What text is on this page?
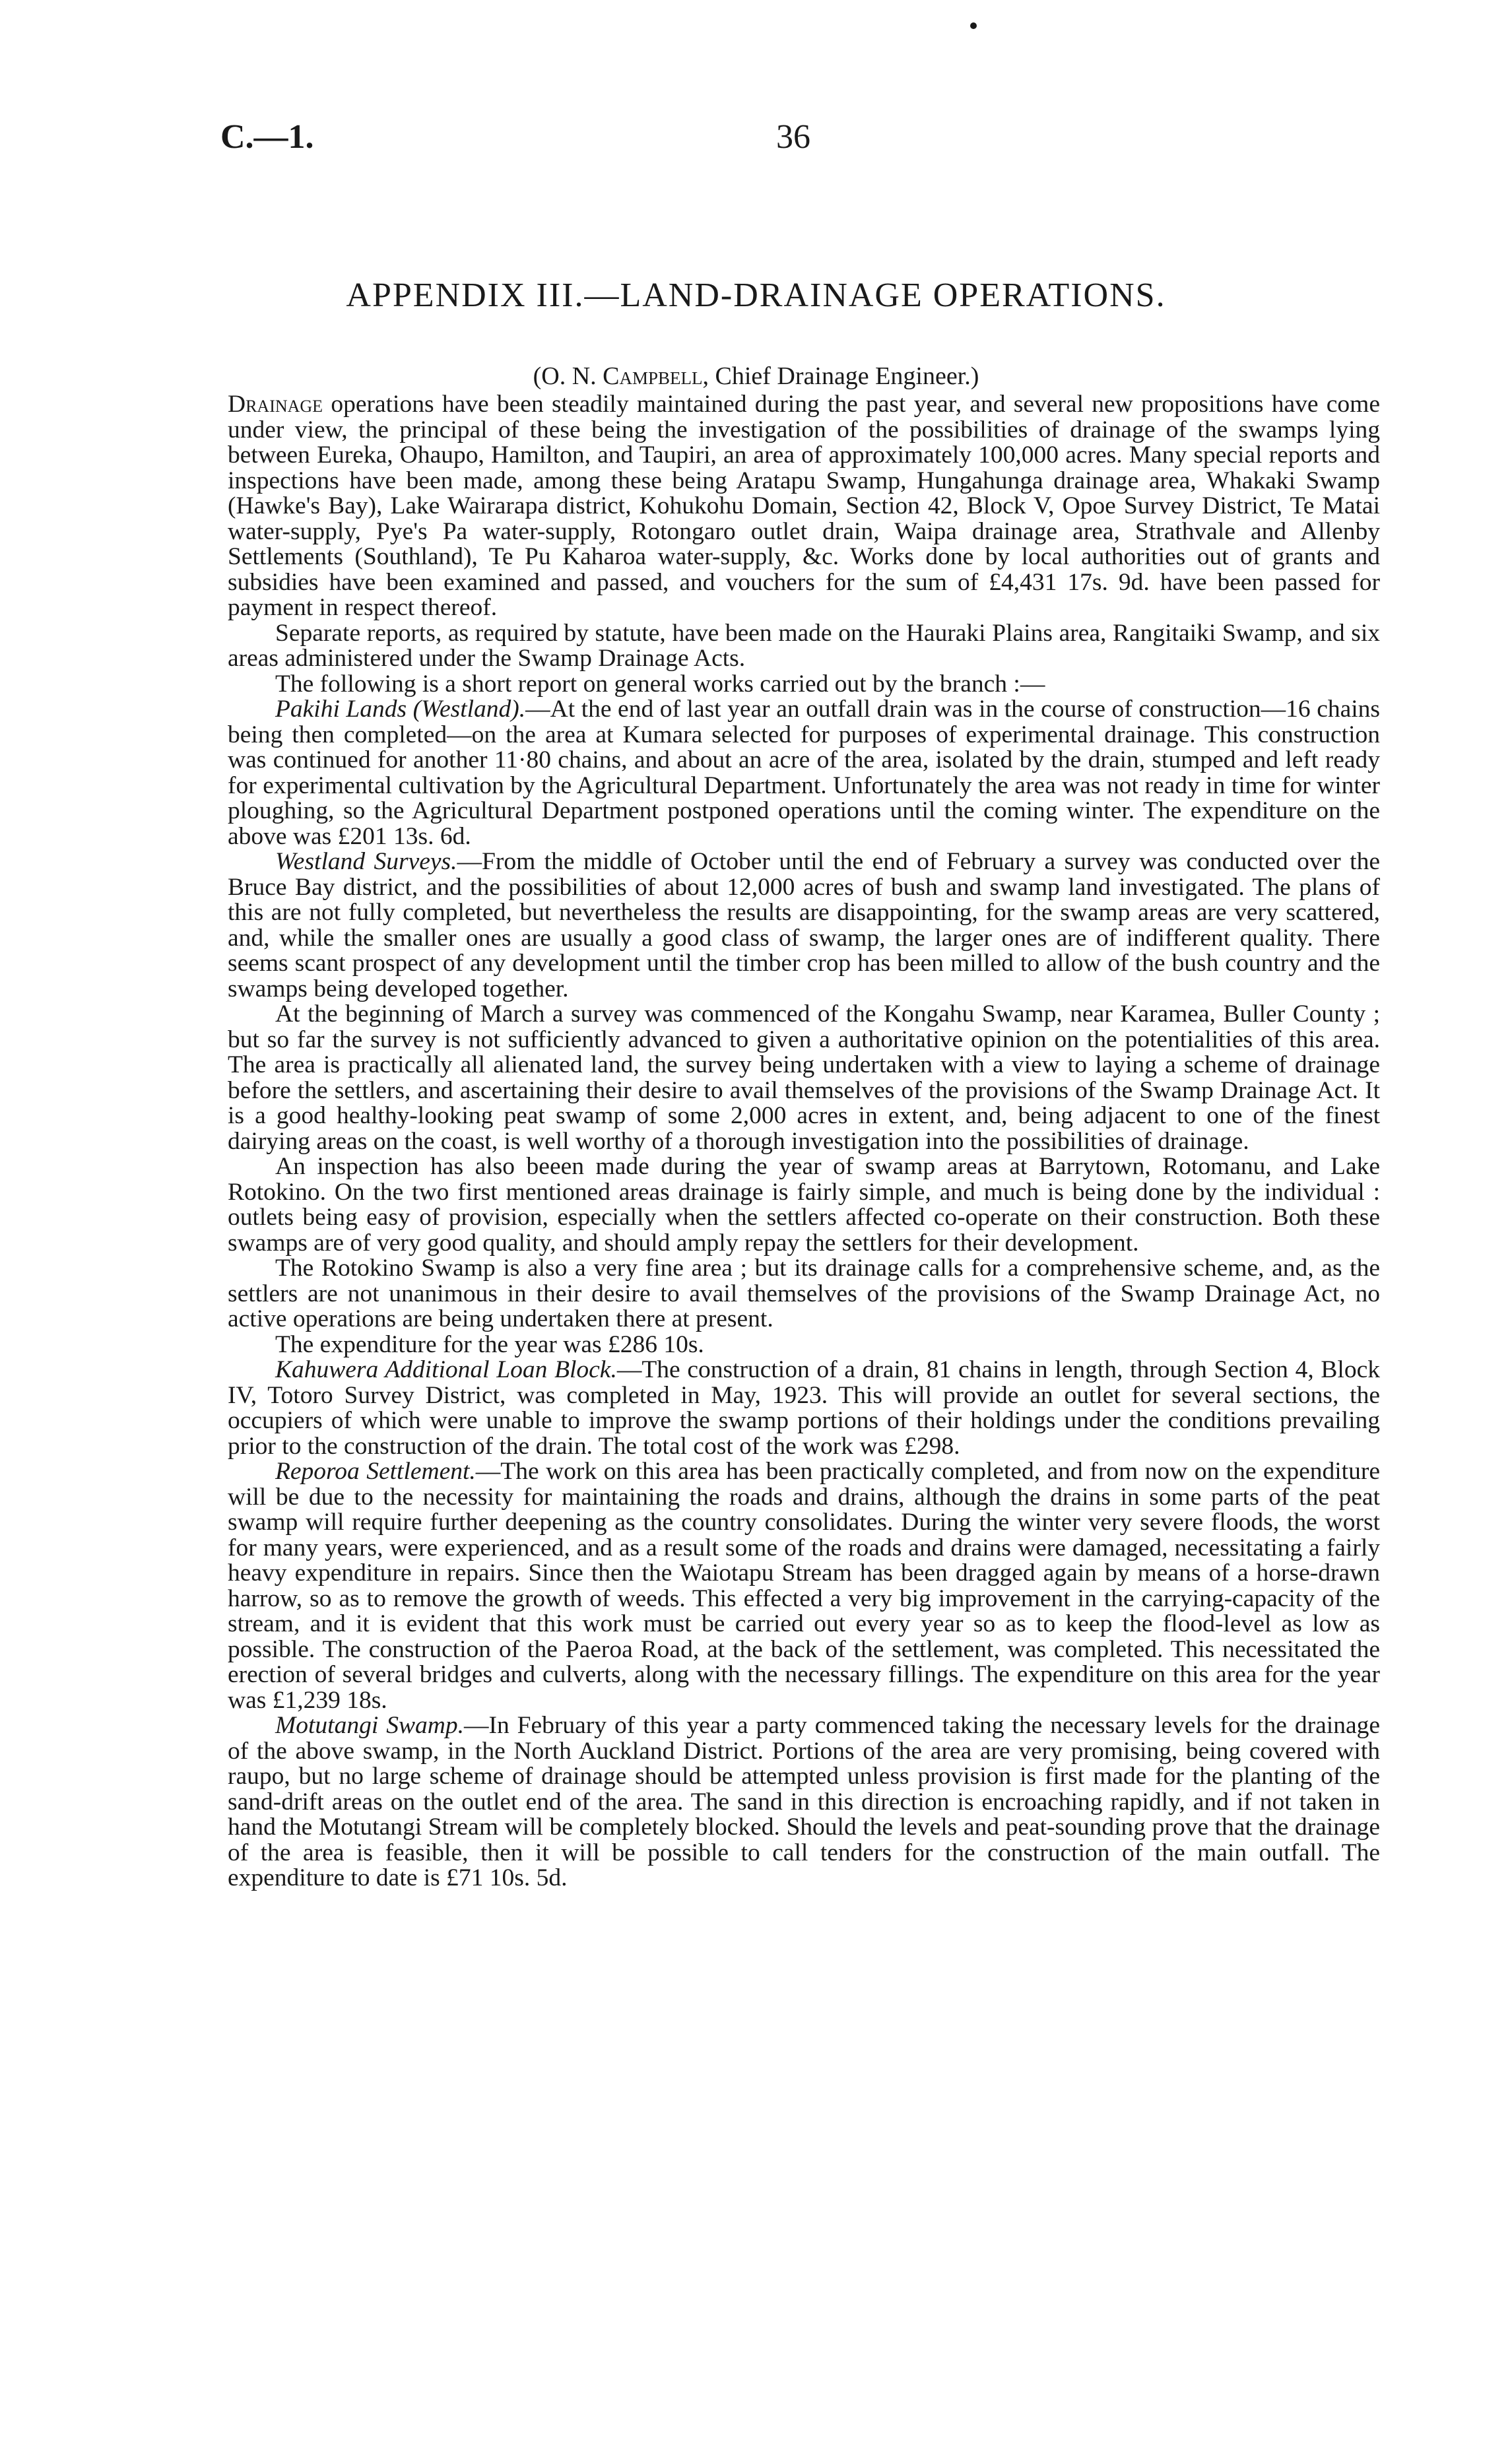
C.—1.	36
APPENDIX III.—LAND-DRAINAGE OPERATIONS.
(O. N. Campbell, Chief Drainage Engineer.)

Drainage operations have been steadily maintained during the past year, and several new propositions have come under view, the principal of these being the investigation of the possibilities of drainage of the swamps lying between Eureka, Ohaupo, Hamilton, and Taupiri, an area of approximately 100,000 acres. Many special reports and inspections have been made, among these being Aratapu Swamp, Hungahunga drainage area, Whakaki Swamp (Hawke's Bay), Lake Wairarapa district, Kohukohu Domain, Section 42, Block V, Opoe Survey District, Te Matai water-supply, Pye's Pa water-supply, Rotongaro outlet drain, Waipa drainage area, Strathvale and Allenby Settlements (Southland), Te Pu Kaharoa water-supply, &c. Works done by local authorities out of grants and subsidies have been examined and passed, and vouchers for the sum of £4,431 17s. 9d. have been passed for payment in respect thereof.

Separate reports, as required by statute, have been made on the Hauraki Plains area, Rangitaiki Swamp, and six areas administered under the Swamp Drainage Acts.

The following is a short report on general works carried out by the branch :—

Pakihi Lands (Westland).—At the end of last year an outfall drain was in the course of construction—16 chains being then completed—on the area at Kumara selected for purposes of experimental drainage. This construction was continued for another 11·80 chains, and about an acre of the area, isolated by the drain, stumped and left ready for experimental cultivation by the Agricultural Department. Unfortunately the area was not ready in time for winter ploughing, so the Agricultural Department postponed operations until the coming winter. The expenditure on the above was £201 13s. 6d.

Westland Surveys.—From the middle of October until the end of February a survey was conducted over the Bruce Bay district, and the possibilities of about 12,000 acres of bush and swamp land investigated. The plans of this are not fully completed, but nevertheless the results are disappointing, for the swamp areas are very scattered, and, while the smaller ones are usually a good class of swamp, the larger ones are of indifferent quality. There seems scant prospect of any development until the timber crop has been milled to allow of the bush country and the swamps being developed together.

At the beginning of March a survey was commenced of the Kongahu Swamp, near Karamea, Buller County ; but so far the survey is not sufficiently advanced to given a authoritative opinion on the potentialities of this area. The area is practically all alienated land, the survey being undertaken with a view to laying a scheme of drainage before the settlers, and ascertaining their desire to avail themselves of the provisions of the Swamp Drainage Act. It is a good healthy-looking peat swamp of some 2,000 acres in extent, and, being adjacent to one of the finest dairying areas on the coast, is well worthy of a thorough investigation into the possibilities of drainage.

An inspection has also beeen made during the year of swamp areas at Barrytown, Rotomanu, and Lake Rotokino. On the two first mentioned areas drainage is fairly simple, and much is being done by the individual : outlets being easy of provision, especially when the settlers affected co-operate on their construction. Both these swamps are of very good quality, and should amply repay the settlers for their development.

The Rotokino Swamp is also a very fine area ; but its drainage calls for a comprehensive scheme, and, as the settlers are not unanimous in their desire to avail themselves of the provisions of the Swamp Drainage Act, no active operations are being undertaken there at present.

The expenditure for the year was £286 10s.

Kahuwera Additional Loan Block.—The construction of a drain, 81 chains in length, through Section 4, Block IV, Totoro Survey District, was completed in May, 1923. This will provide an outlet for several sections, the occupiers of which were unable to improve the swamp portions of their holdings under the conditions prevailing prior to the construction of the drain. The total cost of the work was £298.

Reporoa Settlement.—The work on this area has been practically completed, and from now on the expenditure will be due to the necessity for maintaining the roads and drains, although the drains in some parts of the peat swamp will require further deepening as the country consolidates. During the winter very severe floods, the worst for many years, were experienced, and as a result some of the roads and drains were damaged, necessitating a fairly heavy expenditure in repairs. Since then the Waiotapu Stream has been dragged again by means of a horse-drawn harrow, so as to remove the growth of weeds. This effected a very big improvement in the carrying-capacity of the stream, and it is evident that this work must be carried out every year so as to keep the flood-level as low as possible. The construction of the Paeroa Road, at the back of the settlement, was completed. This necessitated the erection of several bridges and culverts, along with the necessary fillings. The expenditure on this area for the year was £1,239 18s.

Motutangi Swamp.—In February of this year a party commenced taking the necessary levels for the drainage of the above swamp, in the North Auckland District. Portions of the area are very promising, being covered with raupo, but no large scheme of drainage should be attempted unless provision is first made for the planting of the sand-drift areas on the outlet end of the area. The sand in this direction is encroaching rapidly, and if not taken in hand the Motutangi Stream will be completely blocked. Should the levels and peat-sounding prove that the drainage of the area is feasible, then it will be possible to call tenders for the construction of the main outfall. The expenditure to date is £71 10s. 5d.
